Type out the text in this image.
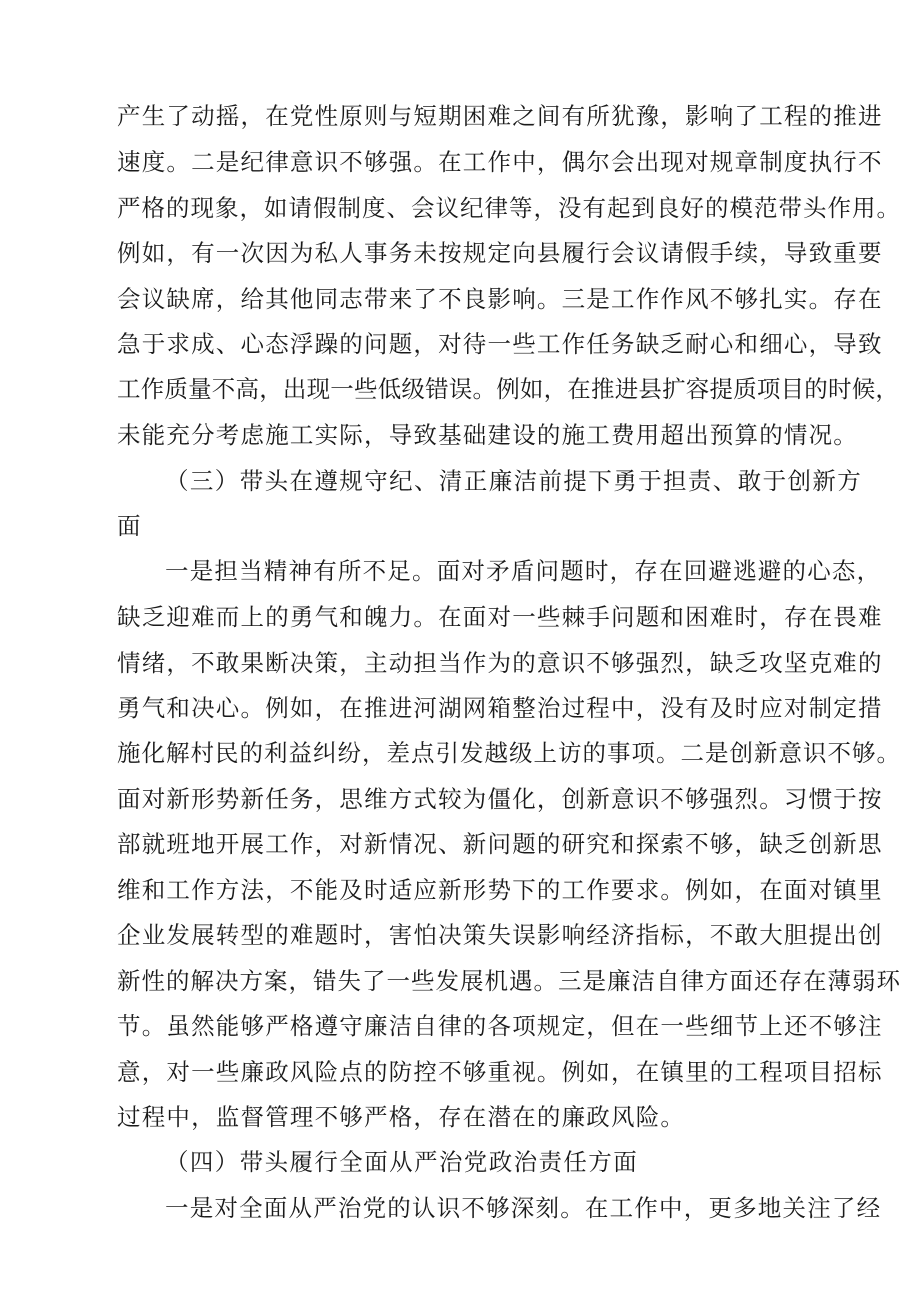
产生了动摇，在党性原则与短期困难之间有所犹豫，影响了工程的推进
速度。二是纪律意识不够强。在工作中，偶尔会出现对规章制度执行不
严格的现象，如请假制度、会议纪律等，没有起到良好的模范带头作用。
例如，有一次因为私人事务未按规定向县履行会议请假手续，导致重要
会议缺席，给其他同志带来了不良影响。三是工作作风不够扎实。存在
急于求成、心态浮躁的问题，对待一些工作任务缺乏耐心和细心，导致
工作质量不高，出现一些低级错误。例如，在推进县扩容提质项目的时候，
未能充分考虑施工实际，导致基础建设的施工费用超出预算的情况。
（三）带头在遵规守纪、清正廉洁前提下勇于担责、敢于创新方
面
一是担当精神有所不足。面对矛盾问题时，存在回避逃避的心态，
缺乏迎难而上的勇气和魄力。在面对一些棘手问题和困难时，存在畏难
情绪，不敢果断决策，主动担当作为的意识不够强烈，缺乏攻坚克难的
勇气和决心。例如，在推进河湖网箱整治过程中，没有及时应对制定措
施化解村民的利益纠纷，差点引发越级上访的事项。二是创新意识不够。
面对新形势新任务，思维方式较为僵化，创新意识不够强烈。习惯于按
部就班地开展工作，对新情况、新问题的研究和探索不够，缺乏创新思
维和工作方法，不能及时适应新形势下的工作要求。例如，在面对镇里
企业发展转型的难题时，害怕决策失误影响经济指标，不敢大胆提出创
新性的解决方案，错失了一些发展机遇。三是廉洁自律方面还存在薄弱环
节。虽然能够严格遵守廉洁自律的各项规定，但在一些细节上还不够注
意，对一些廉政风险点的防控不够重视。例如，在镇里的工程项目招标
过程中，监督管理不够严格，存在潜在的廉政风险。
（四）带头履行全面从严治党政治责任方面
一是对全面从严治党的认识不够深刻。在工作中，更多地关注了经
